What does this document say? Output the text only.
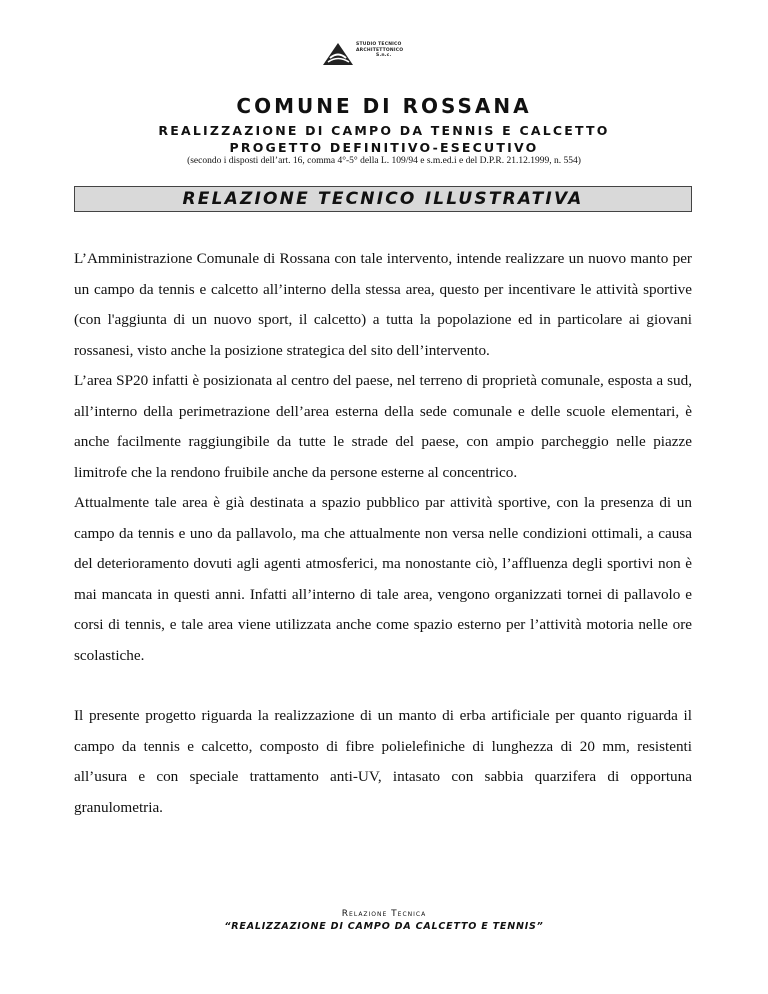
STUDIO TECNICO
ARCHITETTONICO
S.n.c.
COMUNE DI ROSSANA
REALIZZAZIONE DI CAMPO DA TENNIS E CALCETTO
PROGETTO DEFINITIVO-ESECUTIVO
(secondo i disposti dell’art. 16, comma 4°-5° della L. 109/94 e s.m.ed.i e del D.P.R. 21.12.1999, n. 554)
RELAZIONE TECNICO ILLUSTRATIVA

L’Amministrazione Comunale di Rossana con tale intervento, intende realizzare un nuovo manto per un campo da tennis e calcetto all’interno della stessa area, questo per incentivare le attività sportive (con l'aggiunta di un nuovo sport, il calcetto) a tutta la popolazione ed in particolare ai giovani rossanesi, visto anche la posizione strategica del sito dell’intervento.

L’area SP20 infatti è posizionata al centro del paese, nel terreno di proprietà comunale, esposta a sud, all’interno della perimetrazione dell’area esterna della sede comunale e delle scuole elementari, è anche facilmente raggiungibile da tutte le strade del paese, con ampio parcheggio nelle piazze limitrofe che la rendono fruibile anche da persone esterne al concentrico.

Attualmente tale area è già destinata a spazio pubblico par attività sportive, con la presenza di un campo da tennis e uno da pallavolo, ma che attualmente non versa nelle condizioni ottimali, a causa del deterioramento dovuti agli agenti atmosferici, ma nonostante ciò, l’affluenza degli sportivi non è mai mancata in questi anni. Infatti all’interno di tale area, vengono organizzati tornei di pallavolo e corsi di tennis, e tale area viene utilizzata anche come spazio esterno per l’attività motoria nelle ore scolastiche.

Il presente progetto riguarda la realizzazione di un manto di erba artificiale per quanto riguarda il campo da tennis e calcetto, composto di fibre polielefiniche di lunghezza di 20 mm, resistenti all’usura e con speciale trattamento anti-UV, intasato con sabbia quarzifera di opportuna granulometria.

Relazione Tecnica
“REALIZZAZIONE DI CAMPO DA CALCETTO E TENNIS”
